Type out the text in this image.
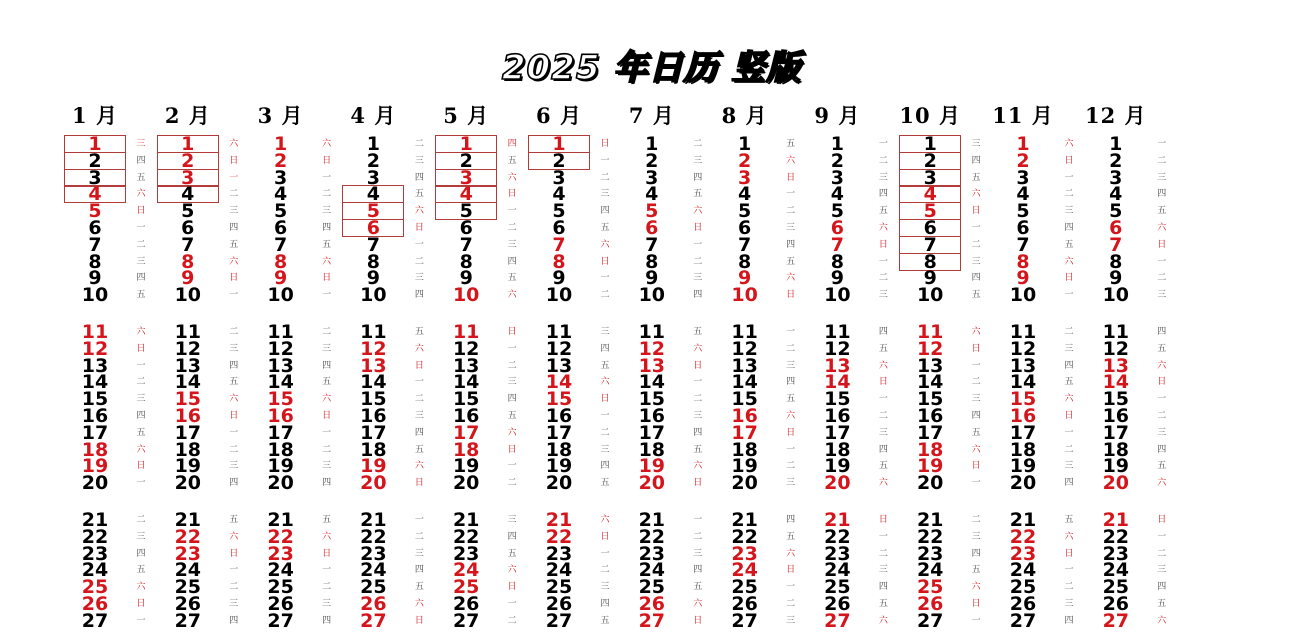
2025 年日历 竖版
1 月
1	三
2	四
3	五
4	六
5	日
6	一
7	二
8	三
9	四
10	五
11	六
12	日
13	一
14	二
15	三
16	四
17	五
18	六
19	日
20	一
21	二
22	三
23	四
24	五
25	六
26	日
27	一
2 月
1	六
2	日
3	一
4	二
5	三
6	四
7	五
8	六
9	日
10	一
11	二
12	三
13	四
14	五
15	六
16	日
17	一
18	二
19	三
20	四
21	五
22	六
23	日
24	一
25	二
26	三
27	四
3 月
1	六
2	日
3	一
4	二
5	三
6	四
7	五
8	六
9	日
10	一
11	二
12	三
13	四
14	五
15	六
16	日
17	一
18	二
19	三
20	四
21	五
22	六
23	日
24	一
25	二
26	三
27	四
4 月
1	二
2	三
3	四
4	五
5	六
6	日
7	一
8	二
9	三
10	四
11	五
12	六
13	日
14	一
15	二
16	三
17	四
18	五
19	六
20	日
21	一
22	二
23	三
24	四
25	五
26	六
27	日
5 月
1	四
2	五
3	六
4	日
5	一
6	二
7	三
8	四
9	五
10	六
11	日
12	一
13	二
14	三
15	四
16	五
17	六
18	日
19	一
20	二
21	三
22	四
23	五
24	六
25	日
26	一
27	二
6 月
1	日
2	一
3	二
4	三
5	四
6	五
7	六
8	日
9	一
10	二
11	三
12	四
13	五
14	六
15	日
16	一
17	二
18	三
19	四
20	五
21	六
22	日
23	一
24	二
25	三
26	四
27	五
7 月
1	二
2	三
3	四
4	五
5	六
6	日
7	一
8	二
9	三
10	四
11	五
12	六
13	日
14	一
15	二
16	三
17	四
18	五
19	六
20	日
21	一
22	二
23	三
24	四
25	五
26	六
27	日
8 月
1	五
2	六
3	日
4	一
5	二
6	三
7	四
8	五
9	六
10	日
11	一
12	二
13	三
14	四
15	五
16	六
17	日
18	一
19	二
20	三
21	四
22	五
23	六
24	日
25	一
26	二
27	三
9 月
1	一
2	二
3	三
4	四
5	五
6	六
7	日
8	一
9	二
10	三
11	四
12	五
13	六
14	日
15	一
16	二
17	三
18	四
19	五
20	六
21	日
22	一
23	二
24	三
25	四
26	五
27	六
10 月
1	三
2	四
3	五
4	六
5	日
6	一
7	二
8	三
9	四
10	五
11	六
12	日
13	一
14	二
15	三
16	四
17	五
18	六
19	日
20	一
21	二
22	三
23	四
24	五
25	六
26	日
27	一
11 月
1	六
2	日
3	一
4	二
5	三
6	四
7	五
8	六
9	日
10	一
11	二
12	三
13	四
14	五
15	六
16	日
17	一
18	二
19	三
20	四
21	五
22	六
23	日
24	一
25	二
26	三
27	四
12 月
1	一
2	二
3	三
4	四
5	五
6	六
7	日
8	一
9	二
10	三
11	四
12	五
13	六
14	日
15	一
16	二
17	三
18	四
19	五
20	六
21	日
22	一
23	二
24	三
25	四
26	五
27	六
